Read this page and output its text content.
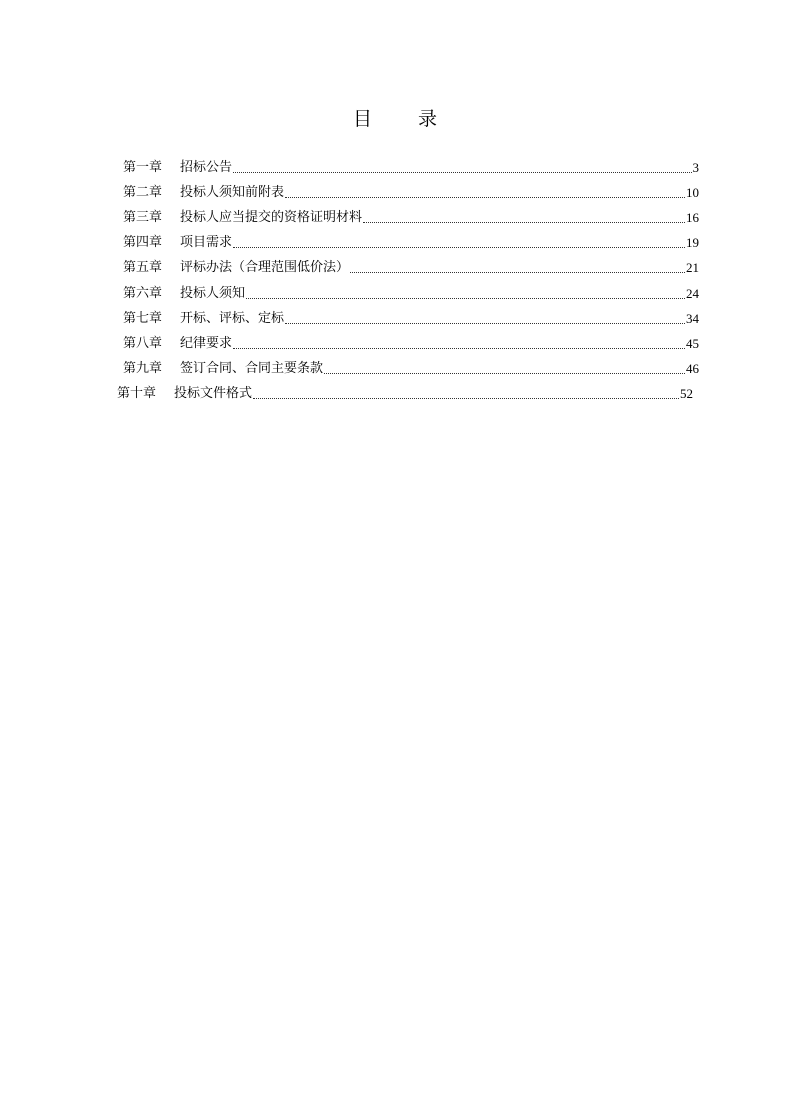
目 录
第一章	招标公告	3
第二章	投标人须知前附表	10
第三章	投标人应当提交的资格证明材料	16
第四章	项目需求	19
第五章	评标办法（合理范围低价法）	21
第六章	投标人须知	24
第七章	开标、评标、定标	34
第八章	纪律要求	45
第九章	签订合同、合同主要条款	46
第十章	投标文件格式	52
